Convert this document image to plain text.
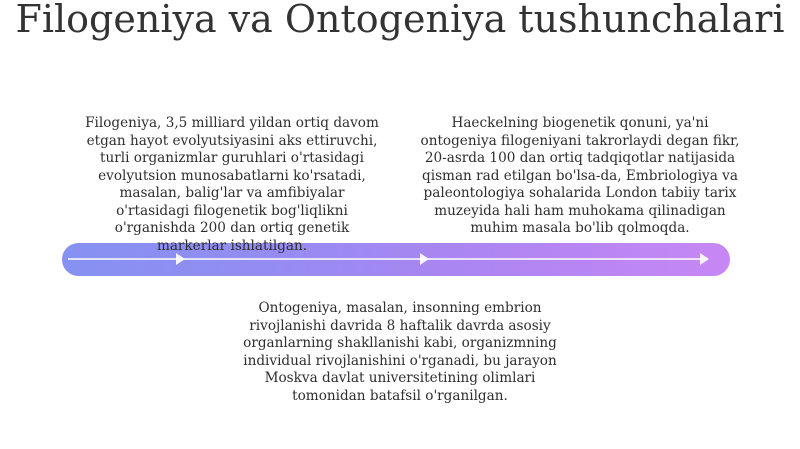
Filogeniya va Ontogeniya tushunchalari

Filogeniya, 3,5 milliard yildan ortiq davom etgan hayot evolyutsiyasini aks ettiruvchi, turli organizmlar guruhlari o'rtasidagi evolyutsion munosabatlarni ko'rsatadi, masalan, balig'lar va amfibiyalar o'rtasidagi filogenetik bog'liqlikni o'rganishda 200 dan ortiq genetik markerlar ishlatilgan.

Haeckelning biogenetik qonuni, ya'ni ontogeniya filogeniyani takrorlaydi degan fikr, 20-asrda 100 dan ortiq tadqiqotlar natijasida qisman rad etilgan bo'lsa-da, Embriologiya va paleontologiya sohalarida London tabiiy tarix muzeyida hali ham muhokama qilinadigan muhim masala bo'lib qolmoqda.

Ontogeniya, masalan, insonning embrion rivojlanishi davrida 8 haftalik davrda asosiy organlarning shakllanishi kabi, organizmning individual rivojlanishini o'rganadi, bu jarayon Moskva davlat universitetining olimlari tomonidan batafsil o'rganilgan.
